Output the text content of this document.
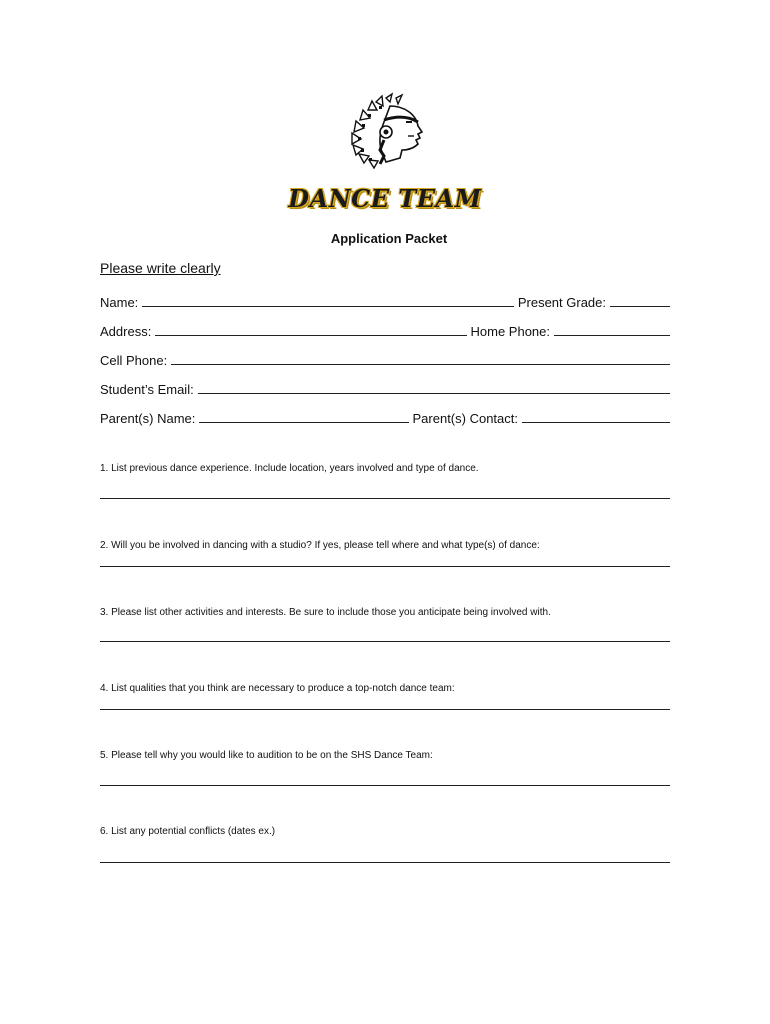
DANCE TEAM
Application Packet
Please write clearly
Name:	Present Grade:
Address:	Home Phone:
Cell Phone:
Student’s Email:
Parent(s) Name:	Parent(s) Contact:
1. List previous dance experience. Include location, years involved and type of dance.
2. Will you be involved in dancing with a studio? If yes, please tell where and what type(s) of dance:
3. Please list other activities and interests. Be sure to include those you anticipate being involved with.
4. List qualities that you think are necessary to produce a top-notch dance team:
5. Please tell why you would like to audition to be on the SHS Dance Team:
6. List any potential conflicts (dates ex.)
